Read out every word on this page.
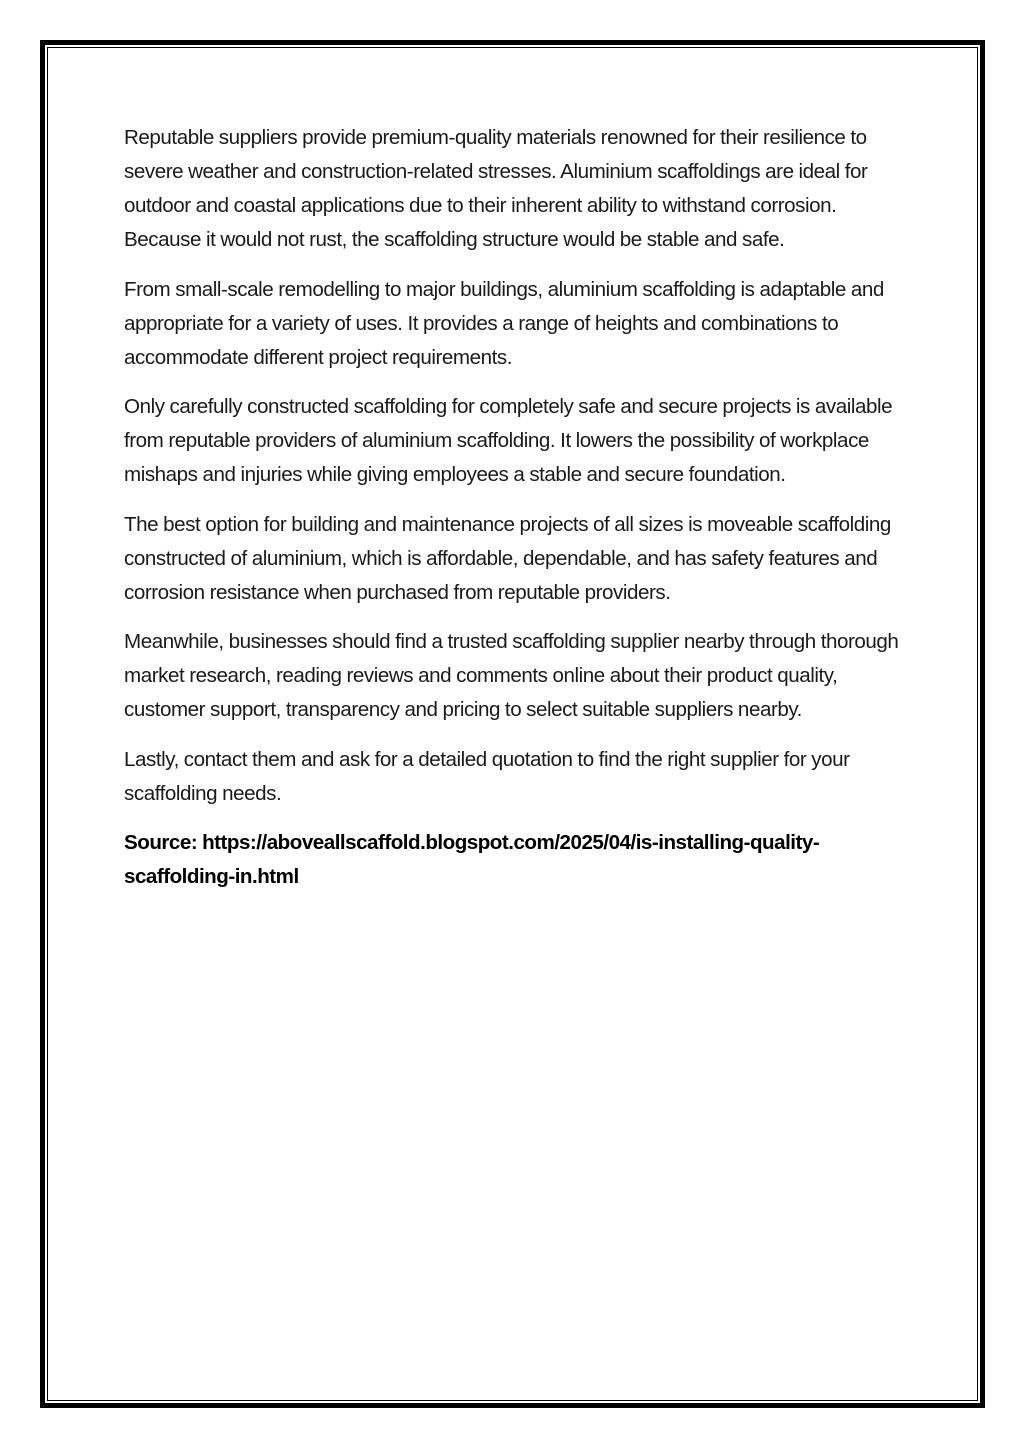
Reputable suppliers provide premium-quality materials renowned for their resilience to severe weather and construction-related stresses. Aluminium scaffoldings are ideal for outdoor and coastal applications due to their inherent ability to withstand corrosion. Because it would not rust, the scaffolding structure would be stable and safe.

From small-scale remodelling to major buildings, aluminium scaffolding is adaptable and appropriate for a variety of uses. It provides a range of heights and combinations to accommodate different project requirements.

Only carefully constructed scaffolding for completely safe and secure projects is available from reputable providers of aluminium scaffolding. It lowers the possibility of workplace mishaps and injuries while giving employees a stable and secure foundation.

The best option for building and maintenance projects of all sizes is moveable scaffolding constructed of aluminium, which is affordable, dependable, and has safety features and corrosion resistance when purchased from reputable providers.

Meanwhile, businesses should find a trusted scaffolding supplier nearby through thorough market research, reading reviews and comments online about their product quality, customer support, transparency and pricing to select suitable suppliers nearby.

Lastly, contact them and ask for a detailed quotation to find the right supplier for your scaffolding needs.

Source: https://aboveallscaffold.blogspot.com/2025/04/is-installing-quality-scaffolding-in.html
